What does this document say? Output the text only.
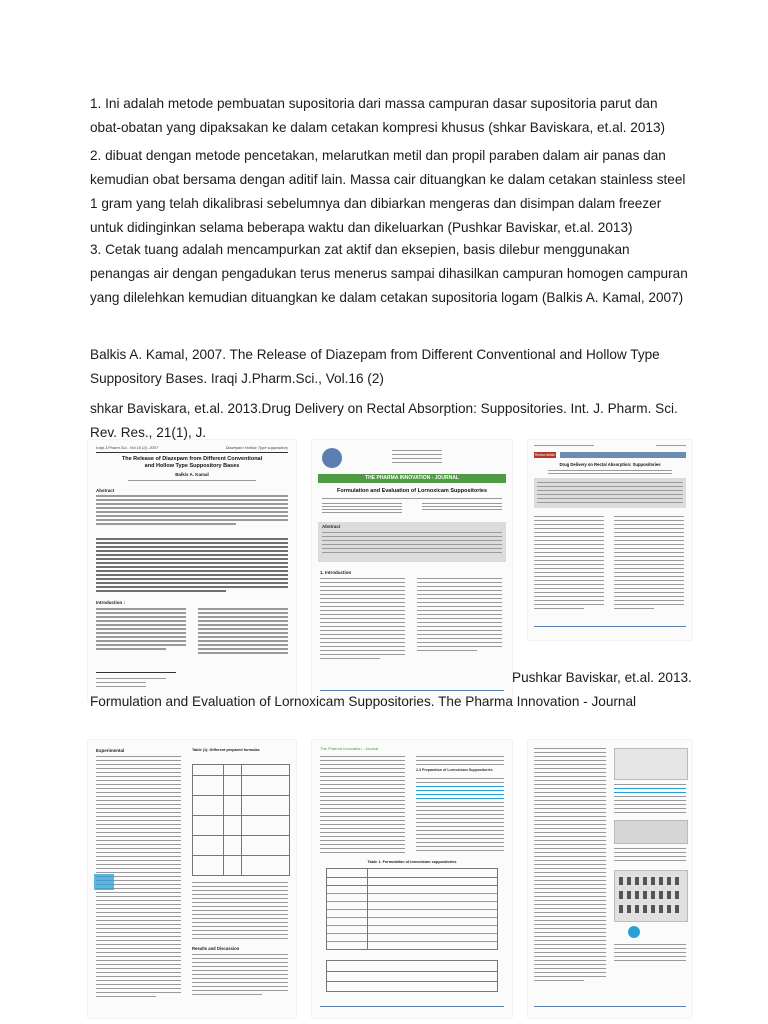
1. Ini adalah metode pembuatan supositoria dari massa campuran dasar supositoria parut dan obat-obatan yang dipaksakan ke dalam cetakan kompresi khusus (shkar Baviskara, et.al. 2013)
2. dibuat dengan metode pencetakan, melarutkan metil dan propil paraben dalam air panas dan kemudian obat bersama dengan aditif lain. Massa cair dituangkan ke dalam cetakan stainless steel 1 gram yang telah dikalibrasi sebelumnya dan dibiarkan mengeras dan disimpan dalam freezer untuk didinginkan selama beberapa waktu dan dikeluarkan (Pushkar Baviskar, et.al. 2013)
3. Cetak tuang adalah mencampurkan zat aktif dan eksepien, basis dilebur menggunakan penangas air dengan pengadukan terus menerus sampai dihasilkan campuran homogen campuran yang dilelehkan kemudian dituangkan ke dalam cetakan supositoria logam (Balkis A. Kamal, 2007)
Balkis A. Kamal, 2007. The Release of Diazepam from Different Conventional and Hollow Type Suppository Bases. Iraqi J.Pharm.Sci., Vol.16 (2)
shkar Baviskara, et.al. 2013.Drug Delivery on Rectal Absorption: Suppositories. Int. J. Pharm. Sci. Rev. Res., 21(1), J.
Iraqi J.Pharm.Sci., Vol.16 (2), 2007	Diazepam Hollow Type suppository
The Release of Diazepam from Different Conventional and Hollow Type Suppository Bases
Balkis A. Kamal
Abstract
Introduction :
THE PHARMA INNOVATION - JOURNAL
Formulation and Evaluation of Lornoxicam Suppositories
Abstract
1. Introduction
Review Article
Drug Delivery on Rectal Absorption: Suppositories
Pushkar Baviskar, et.al. 2013.
Formulation and Evaluation of Lornoxicam Suppositories. The Pharma Innovation - Journal
Experimental	Table (1): Different prepared formulas
Results and Discussion
The Pharma Innovation - Journal
2.3 Preparation of Lornoxicam Suppositories
Table 1: Formulation of lornoxicam suppositories
